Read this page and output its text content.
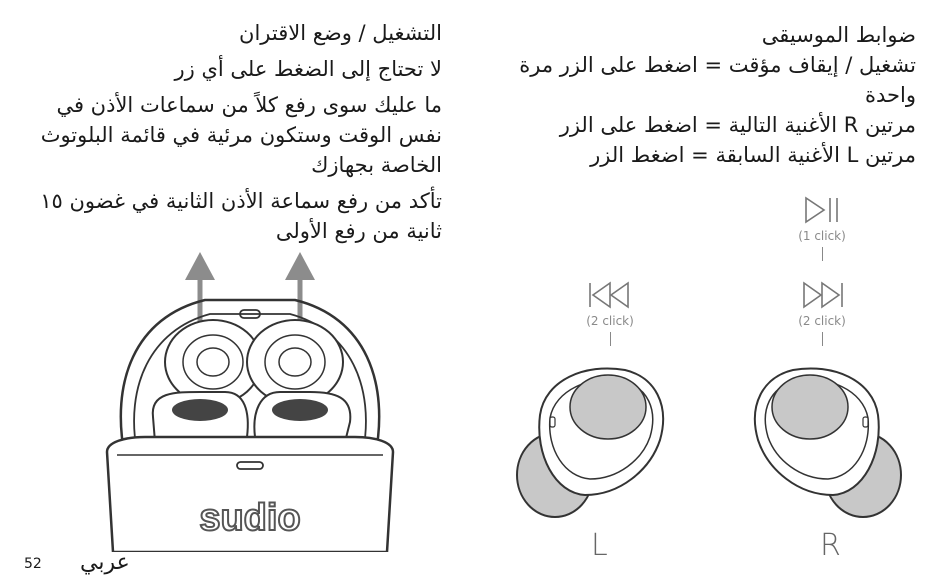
التشغيل / وضع الاقتران

لا تحتاج إلى الضغط على أي زر

ما عليك سوى رفع كلاً من سماعات الأذن في نفس الوقت وستكون مرئية في قائمة البلوتوث الخاصة بجهازك

تأكد من رفع سماعة الأذن الثانية في غضون ١٥ ثانية من رفع الأولى

ضوابط الموسيقى

تشغيل / إيقاف مؤقت = اضغط على الزر مرة واحدة

مرتين R الأغنية التالية = اضغط على الزر

مرتين L الأغنية السابقة = اضغط الزر

sudio
(2 click)
(1 click)
(2 click)
L	R
عربي
52
